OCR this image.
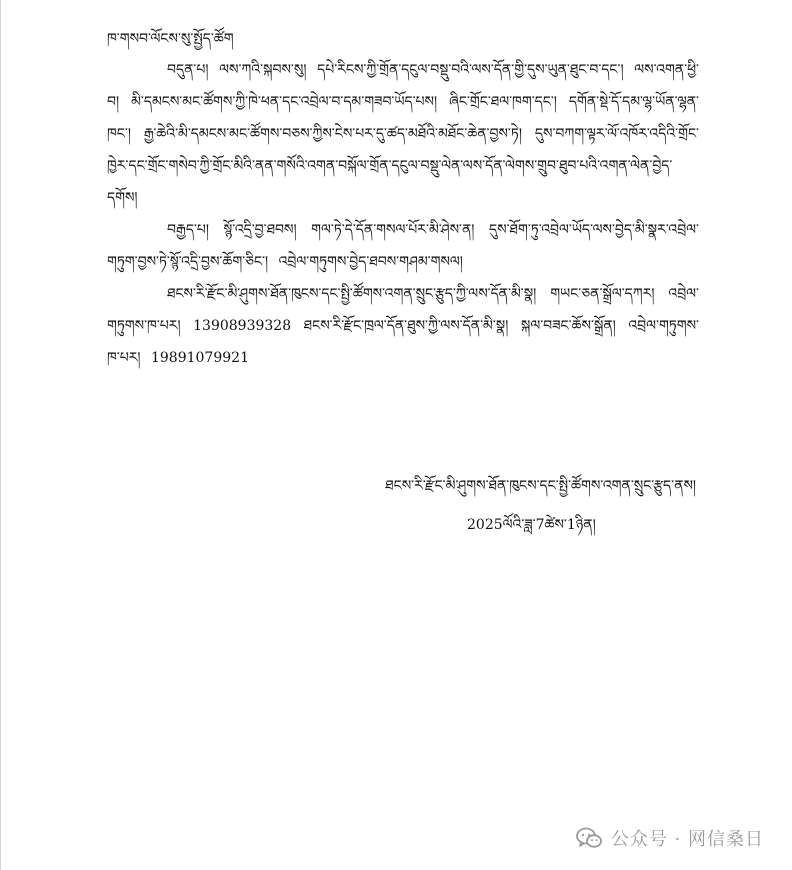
ཁ་གསབ་ལོངས་སུ་སྤྱོད་ཚོག

བདུན་པ། ལས་ཀའི་སྐབས་སུ། དཔེ་རིངས་ཀྱི་གྲོན་དངུལ་བསྡུ་བའི་ལས་དོན་གྱི་དུས་ཡུན་ཐུང་བ་དང་། ལས་འགན་ཕྱི་བ། མི་དམངས་མང་ཚོགས་ཀྱི་ཁེ་ཕན་དང་འབྲེལ་བ་དམ་གཟབ་ཡོད་པས། ཞིང་གྲོང་ཐལ་ཁག་དང་། དགོན་སྡེ་དོ་དམ་ལྷ་ཡོན་ལྷན་ཁང་། རྒྱ་ཆེའི་མི་དམངས་མང་ཚོགས་བཅས་ཀྱིས་ངེས་པར་དུ་ཚད་མཐོའི་མཐོང་ཆེན་བྱས་ཏེ། དུས་བཀག་ལྟར་ལོ་འཁོར་འདིའི་གྲོང་ཁྱེར་དང་གྲོང་གསེབ་ཀྱི་གྲོང་མིའི་ནན་གསོའི་འགན་བསྐོལ་གྲོན་དངུལ་བསྡུ་ལེན་ལས་དོན་ལེགས་གྲུབ་ཐུབ་པའི་འགན་ལེན་བྱེད་དགོས།

བརྒྱད་པ། སྙོ་འདྲི་བྱ་ཐབས། གལ་ཏེ་དེ་དོན་གསལ་པོར་མི་ཤེས་ན། དུས་ཐོག་ཏུ་འབྲེལ་ཡོད་ལས་བྱེད་མི་སྣར་འབྲེལ་གཏུག་བྱས་ཏེ་སྙོ་འདྲི་བྱས་ཆོག་ཅིང་། འབྲེལ་གཏུགས་བྱེད་ཐབས་གཤམ་གསལ།

ཐངས་རི་རྫོང་མི་ཤུགས་ཐོན་ཁུངས་དང་སྤྱི་ཚོགས་འགན་སྲུང་རྩུད་ཀྱི་ལས་དོན་མི་སྣ། གཡང་ཅན་སྒྲོལ་དཀར། འབྲེལ་གཏུགས་ཁ་པར། 13908939328 ཐངས་རི་རྫོང་ཁྲལ་དོན་ཐུས་ཀྱི་ལས་དོན་མི་སྣ། སྐལ་བཟང་ཆོས་སྒྲོན། འབྲེལ་གཏུགས་ཁ་པར། 19891079921

ཐངས་རི་རྫོང་མི་ཤུགས་ཐོན་ཁུངས་དང་སྤྱི་ཚོགས་འགན་སྲུང་རྩུད་ནས།
2025ལོའི་ཟླ་7ཚེས་1ཉིན།
公众号 · 网信桑日
